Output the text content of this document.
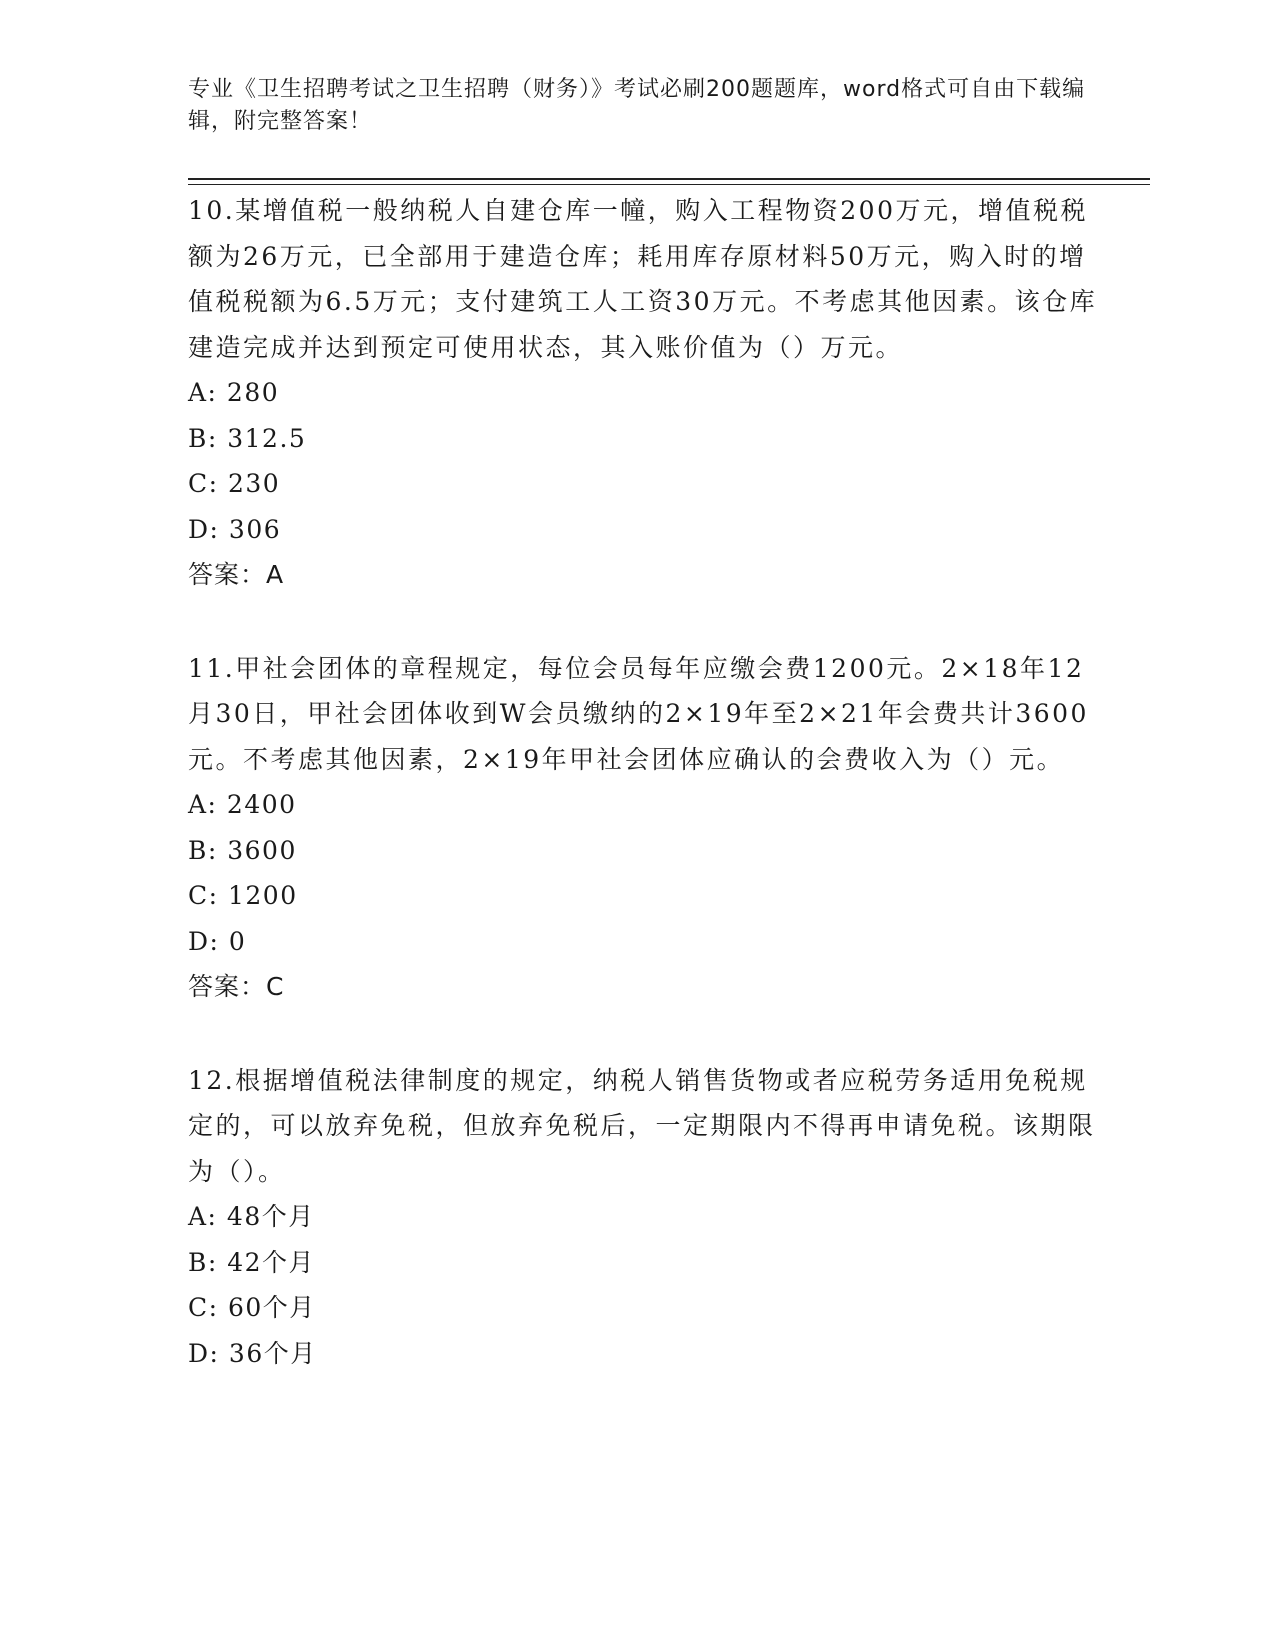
专业《卫生招聘考试之卫生招聘（财务）》考试必刷200题题库，word格式可自由下载编辑，附完整答案！

10.某增值税一般纳税人自建仓库一幢，购入工程物资200万元，增值税税额为26万元，已全部用于建造仓库；耗用库存原材料50万元，购入时的增值税税额为6.5万元；支付建筑工人工资30万元。不考虑其他因素。该仓库建造完成并达到预定可使用状态，其入账价值为（）万元。

A: 280

B: 312.5

C: 230

D: 306

答案：A

11.甲社会团体的章程规定，每位会员每年应缴会费1200元。2×18年12月30日，甲社会团体收到W会员缴纳的2×19年至2×21年会费共计3600元。不考虑其他因素，2×19年甲社会团体应确认的会费收入为（）元。

A: 2400

B: 3600

C: 1200

D: 0

答案：C

12.根据增值税法律制度的规定，纳税人销售货物或者应税劳务适用免税规定的，可以放弃免税，但放弃免税后，一定期限内不得再申请免税。该期限为（）。

A: 48个月

B: 42个月

C: 60个月

D: 36个月
